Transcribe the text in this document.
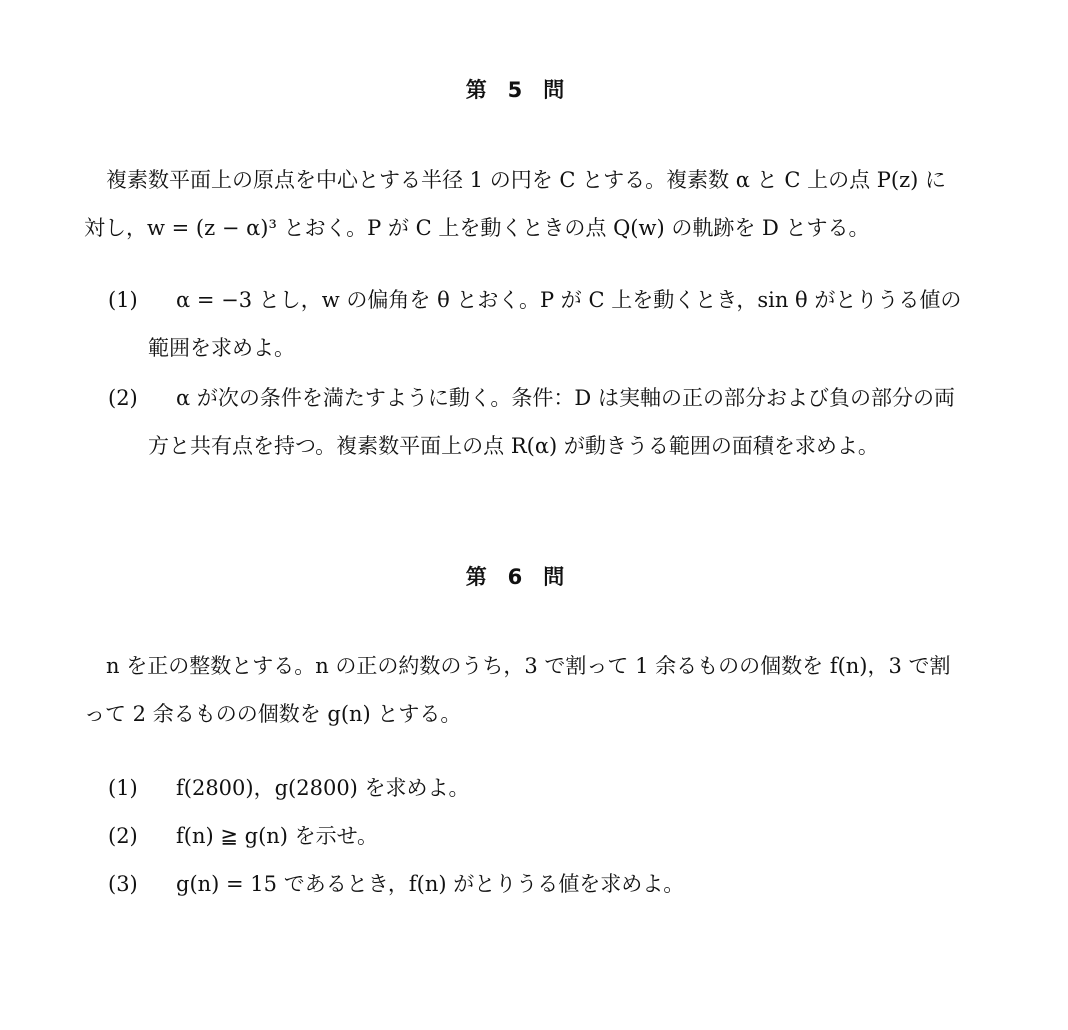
第　5　問
複素数平面上の原点を中心とする半径 1 の円を C とする。複素数 α と C 上の点 P(z) に対し，w = (z − α)³ とおく。P が C 上を動くときの点 Q(w) の軌跡を D とする。
(1)	α = −3 とし，w の偏角を θ とおく。P が C 上を動くとき，sin θ がとりうる値の範囲を求めよ。
(2)	α が次の条件を満たすように動く。条件：D は実軸の正の部分および負の部分の両方と共有点を持つ。複素数平面上の点 R(α) が動きうる範囲の面積を求めよ。
第　6　問
n を正の整数とする。n の正の約数のうち，3 で割って 1 余るものの個数を f(n)，3 で割って 2 余るものの個数を g(n) とする。
(1)	f(2800)，g(2800) を求めよ。
(2)	f(n) ≧ g(n) を示せ。
(3)	g(n) = 15 であるとき，f(n) がとりうる値を求めよ。
